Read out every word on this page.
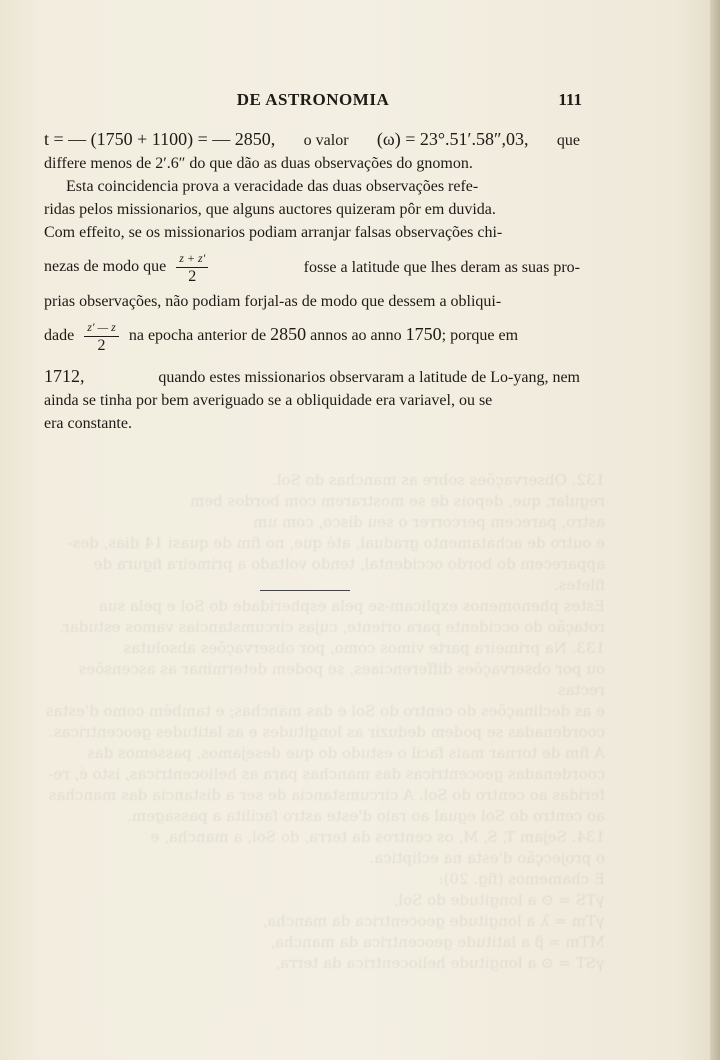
132. Observações sobre as manchas do Sol.

regular, que, depois de se mostrarem com bordos bem

astro, parecem percorrer o seu disco, com um

e outro de achatamento gradual, até que, no fim de quasi 14 dias, des-

apparecem do bordo occidental, tendo voltado a primeira figura de filetes.

Estes phenomenos explicam-se pela espheridade do Sol e pela sua

rotação do occidente para oriente, cujas circumstancias vamos estudar.

133. Na primeira parte vimos como, por observações absolutas

ou por observações differenciaes, se podem determinar as ascensões rectas

e as declinações do centro do Sol e das manchas; e também como d'estas

coordenadas se podem deduzir as longitudes e as latitudes geocentricas.

A fim de tornar mais facil o estudo do que desejamos, passemos das

coordenadas geocentricas das manchas para as heliocentricas, isto é, re-

feridas ao centro do Sol. A circumstancia de ser a distancia das manchas

ao centro do Sol egual ao raio d'este astro facilita a passagem.

134. Sejam T, S, M, os centros da terra, do Sol, a mancha, e

o projecção d'esta na ecliptica.

E chamemos (fig. 20):

γTS = ⊙ a longitude do Sol,

γTm = λ a longitude geocentrica da mancha,

MTm = β a latitude geocentrica da mancha,

γST = ⊙ a longitude heliocentrica da terra,

DE ASTRONOMIA	111
t = — (1750 + 1100) = — 2850, o valor (ω) = 23°.51′.58″,03, que
differe menos de 2′.6″ do que dão as duas observações do gnomon.
Esta coincidencia prova a veracidade das duas observações refe-
ridas pelos missionarios, que alguns auctores quizeram pôr em duvida.
Com effeito, se os missionarios podiam arranjar falsas observações chi-
nezas de modo que $\frac{z + z'}{2}$	fosse a latitude que lhes deram as suas pro-
prias observações, não podiam forjal-as de modo que dessem a obliqui-
dade $\frac{z' — z}{2}$ na epocha anterior de 2850 annos ao anno 1750; porque em
1712,	quando estes missionarios observaram a latitude de Lo-yang, nem
ainda se tinha por bem averiguado se a obliquidade era variavel, ou se
era constante.
